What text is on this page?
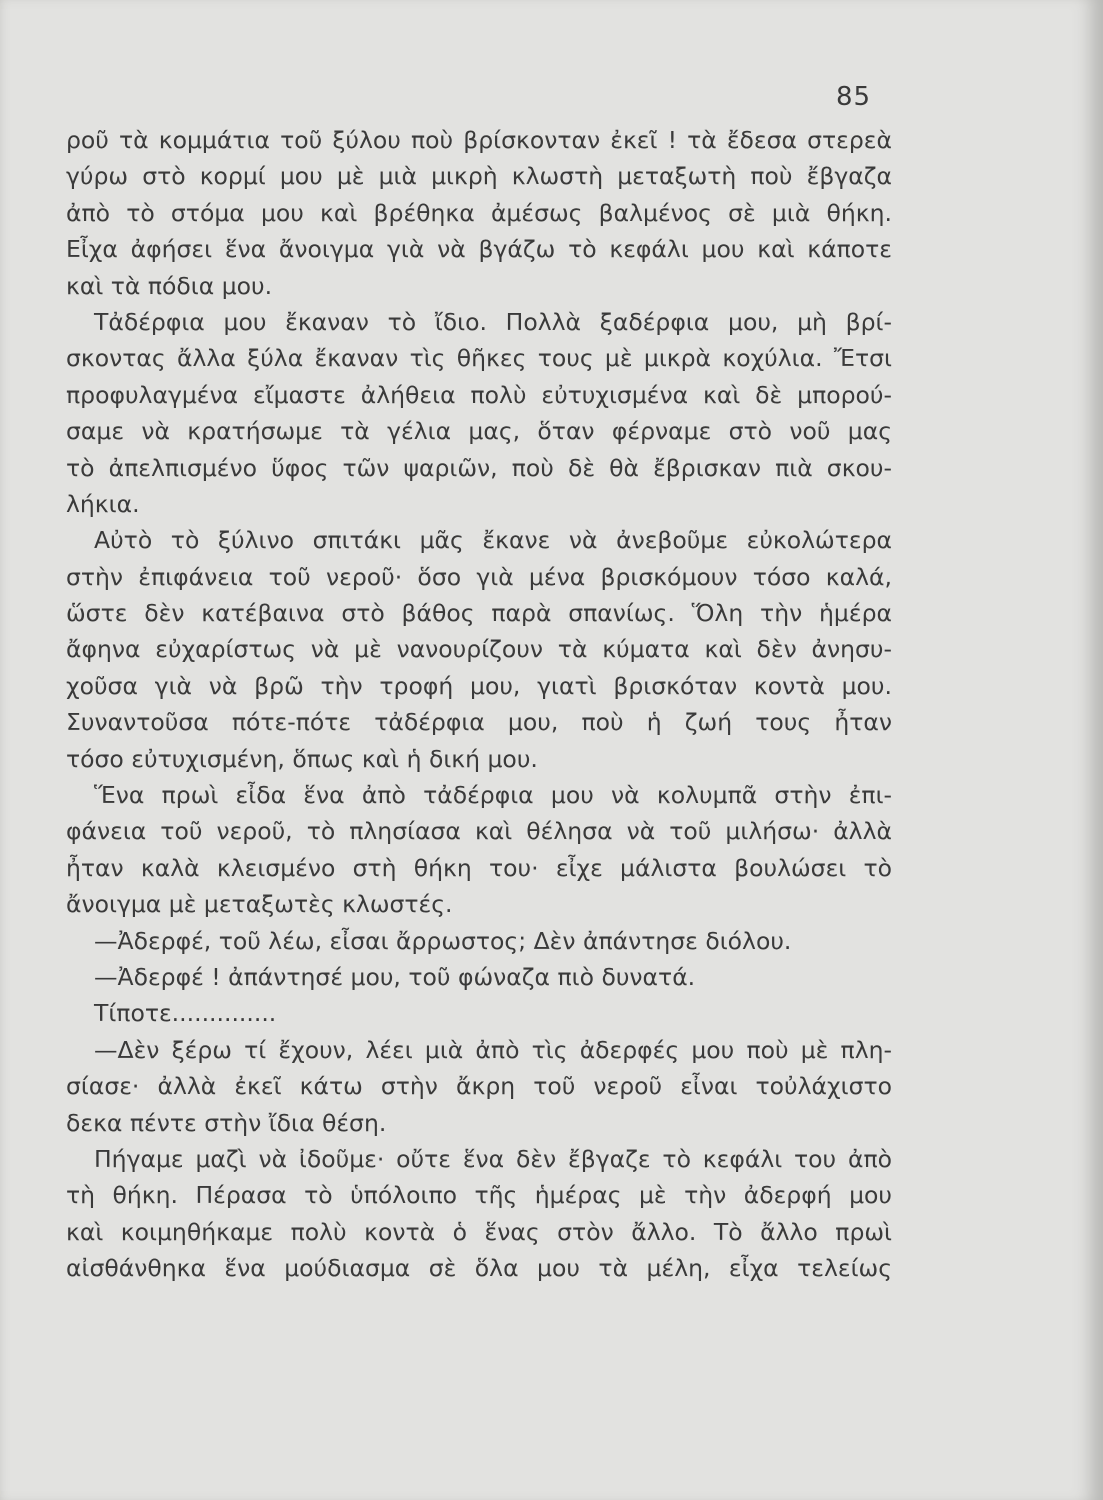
85
ροῦ τὰ κομμάτια τοῦ ξύλου ποὺ βρίσκονταν ἐκεῖ ! τὰ ἔδεσα στερεὰ
γύρω στὸ κορμί μου μὲ μιὰ μικρὴ κλωστὴ μεταξωτὴ ποὺ ἔβγαζα
ἀπὸ τὸ στόμα μου καὶ βρέθηκα ἀμέσως βαλμένος σὲ μιὰ θήκη.
Εἶχα ἀφήσει ἕνα ἄνοιγμα γιὰ νὰ βγάζω τὸ κεφάλι μου καὶ κάποτε
καὶ τὰ πόδια μου.
Τἀδέρφια μου ἔκαναν τὸ ἴδιο. Πολλὰ ξαδέρφια μου, μὴ βρί-
σκοντας ἄλλα ξύλα ἔκαναν τὶς θῆκες τους μὲ μικρὰ κοχύλια. Ἔτσι
προφυλαγμένα εἴμαστε ἀλήθεια πολὺ εὐτυχισμένα καὶ δὲ μπορού-
σαμε νὰ κρατήσωμε τὰ γέλια μας, ὅταν φέρναμε στὸ νοῦ μας
τὸ ἀπελπισμένο ὕφος τῶν ψαριῶν, ποὺ δὲ θὰ ἔβρισκαν πιὰ σκου-
λήκια.
Αὐτὸ τὸ ξύλινο σπιτάκι μᾶς ἔκανε νὰ ἀνεβοῦμε εὐκολώτερα
στὴν ἐπιφάνεια τοῦ νεροῦ· ὅσο γιὰ μένα βρισκόμουν τόσο καλά,
ὥστε δὲν κατέβαινα στὸ βάθος παρὰ σπανίως. Ὅλη τὴν ἡμέρα
ἄφηνα εὐχαρίστως νὰ μὲ νανουρίζουν τὰ κύματα καὶ δὲν ἀνησυ-
χοῦσα γιὰ νὰ βρῶ τὴν τροφή μου, γιατὶ βρισκόταν κοντὰ μου.
Συναντοῦσα πότε-πότε τἀδέρφια μου, ποὺ ἡ ζωή τους ἦταν
τόσο εὐτυχισμένη, ὅπως καὶ ἡ δική μου.
Ἕνα πρωὶ εἶδα ἕνα ἀπὸ τἀδέρφια μου νὰ κολυμπᾶ στὴν ἐπι-
φάνεια τοῦ νεροῦ, τὸ πλησίασα καὶ θέλησα νὰ τοῦ μιλήσω· ἀλλὰ
ἦταν καλὰ κλεισμένο στὴ θήκη του· εἶχε μάλιστα βουλώσει τὸ
ἄνοιγμα μὲ μεταξωτὲς κλωστές.
—Ἀδερφέ, τοῦ λέω, εἶσαι ἄρρωστος; Δὲν ἀπάντησε διόλου.
—Ἀδερφέ ! ἀπάντησέ μου, τοῦ φώναζα πιὸ δυνατά.
Τίποτε..............
—Δὲν ξέρω τί ἔχουν, λέει μιὰ ἀπὸ τὶς ἀδερφές μου ποὺ μὲ πλη-
σίασε· ἀλλὰ ἐκεῖ κάτω στὴν ἄκρη τοῦ νεροῦ εἶναι τοὐλάχιστο
δεκα πέντε στὴν ἴδια θέση.
Πήγαμε μαζὶ νὰ ἰδοῦμε· οὔτε ἕνα δὲν ἔβγαζε τὸ κεφάλι του ἀπὸ
τὴ θήκη. Πέρασα τὸ ὑπόλοιπο τῆς ἡμέρας μὲ τὴν ἀδερφή μου
καὶ κοιμηθήκαμε πολὺ κοντὰ ὁ ἕνας στὸν ἄλλο. Τὸ ἄλλο πρωὶ
αἰσθάνθηκα ἕνα μούδιασμα σὲ ὅλα μου τὰ μέλη, εἶχα τελείως
